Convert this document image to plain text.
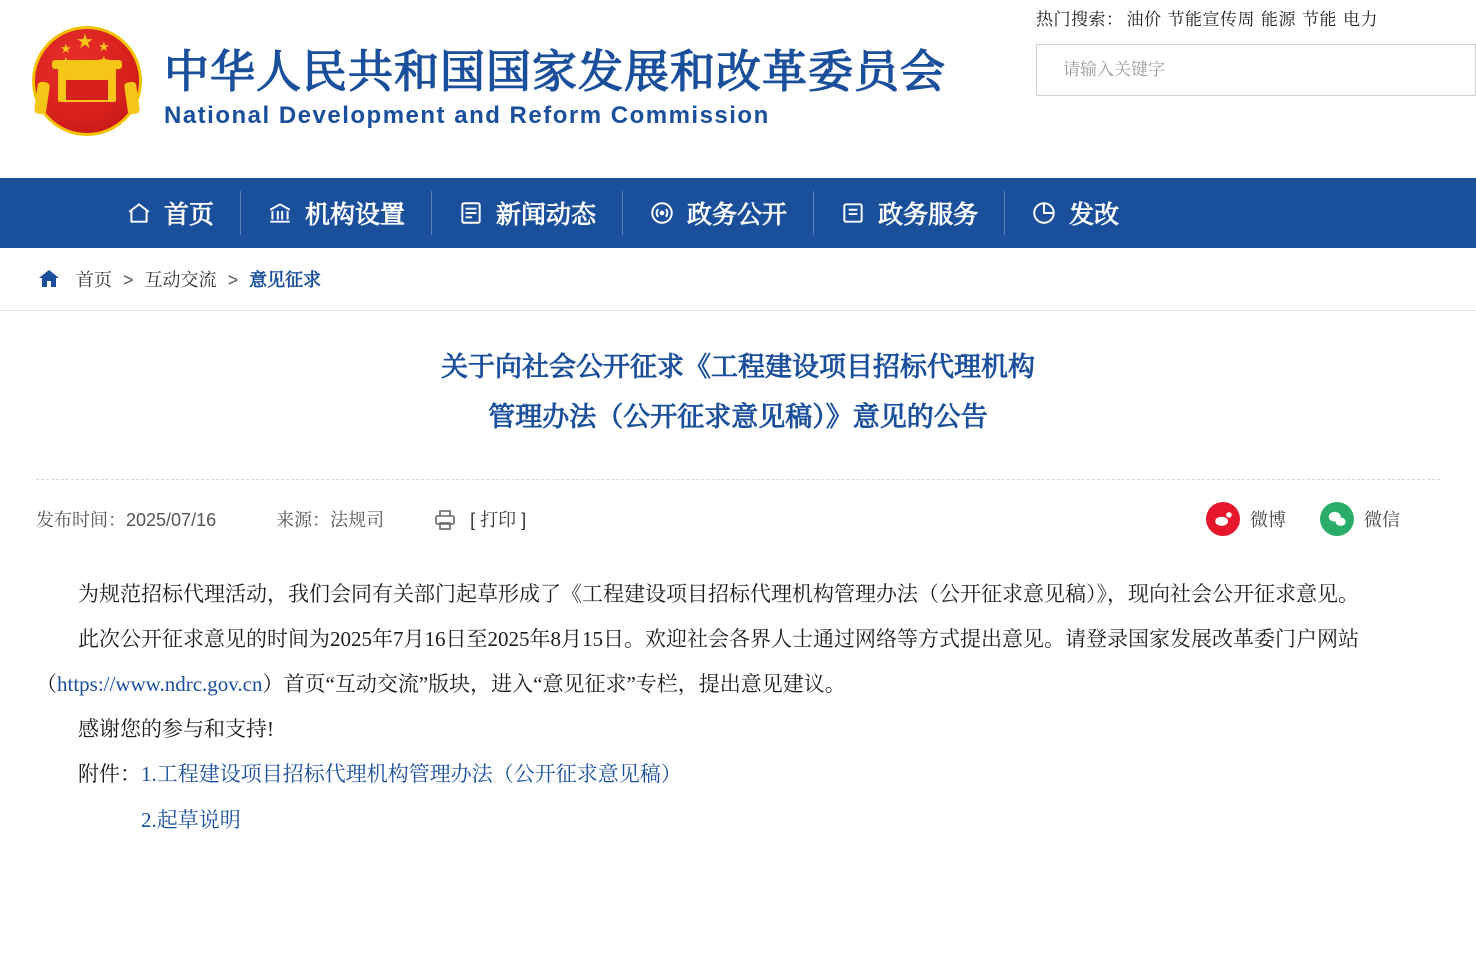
★
★ ★ 中华人民共和国国家发展和改革委员会
National Development and Reform Commission
热门搜索： 油价 节能宣传周 能源 节能 电力
请输入关键字
首页	机构设置	新闻动态	政务公开	政务服务	发改
首页 > 互动交流 > 意见征求
关于向社会公开征求《工程建设项目招标代理机构
管理办法（公开征求意见稿）》意见的公告
发布时间：2025/07/16	来源：法规司	[ 打印 ]	微博	微信

为规范招标代理活动，我们会同有关部门起草形成了《工程建设项目招标代理机构管理办法（公开征求意见稿）》，现向社会公开征求意见。

此次公开征求意见的时间为2025年7月16日至2025年8月15日。欢迎社会各界人士通过网络等方式提出意见。请登录国家发展改革委门户网站（https://www.ndrc.gov.cn）首页“互动交流”版块，进入“意见征求”专栏，提出意见建议。

感谢您的参与和支持!

附件：1.工程建设项目招标代理机构管理办法（公开征求意见稿）
2.起草说明
